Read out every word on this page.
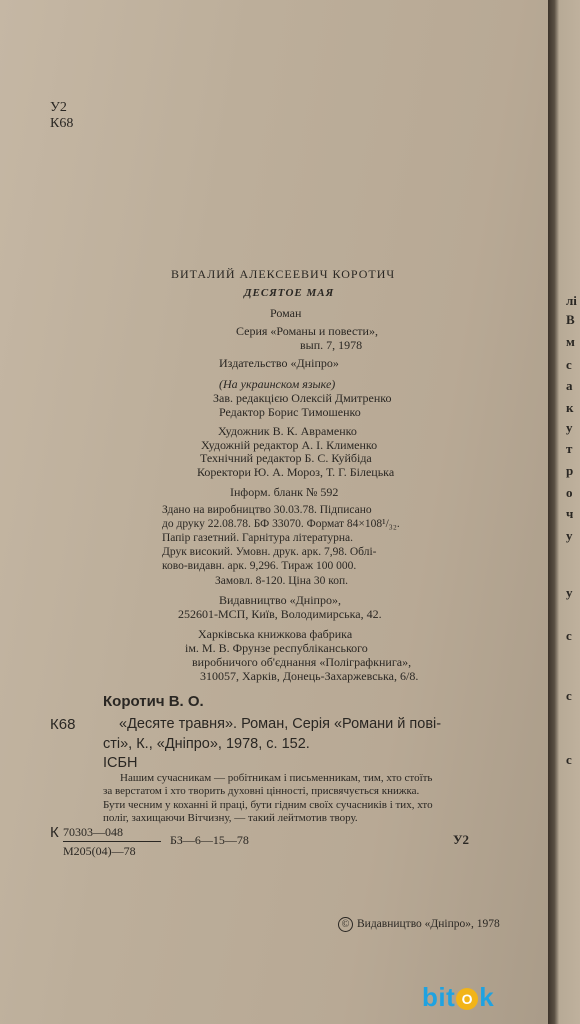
У2
К68
ВИТАЛИЙ АЛЕКСЕЕВИЧ КОРОТИЧ
ДЕСЯТОЕ МАЯ
Роман
Серия «Романы и повести»,
вып. 7, 1978
Издательство «Дніпро»
(На украинском языке)
Зав. редакцією Олексій Дмитренко
Редактор Борис Тимошенко
Художник В. К. Авраменко
Художній редактор А. І. Клименко
Технічний редактор Б. С. Куйбіда
Коректори Ю. А. Мороз, Т. Г. Білецька
Інформ. бланк № 592
Здано на виробництво 30.03.78. Підписано
до друку 22.08.78. БФ 33070. Формат 84×108¹/₃₂.
Папір газетний. Гарнітура літературна.
Друк високий. Умовн. друк. арк. 7,98. Облі-
ково-видавн. арк. 9,296. Тираж 100 000.
Замовл. 8-120. Ціна 30 коп.
Видавництво «Дніпро»,
252601-МСП, Київ, Володимирська, 42.
Харківська книжкова фабрика
ім. М. В. Фрунзе республіканського
виробничого об'єднання «Поліграфкнига»,
310057, Харків, Донець-Захаржевська, 6/8.
Коротич В. О.
К68	«Десяте травня». Роман, Серія «Романи й пові-
сті», К., «Дніпро», 1978, с. 152.
ІСБН
Нашим сучасникам — робітникам і письменникам, тим, хто стоїть
за верстатом і хто творить духовні цінності, присвячується книжка.
Бути чесним у коханні й праці, бути гідним своїх сучасників і тих, хто
поліг, захищаючи Вітчизну, — такий лейтмотив твору.
К 70303—048
М205(04)—78
БЗ—6—15—78	У2
© Видавництво «Дніпро», 1978
лі
В
м
с
а
к
у
т
р
о
ч
у
у
с
с
с
bit O k
